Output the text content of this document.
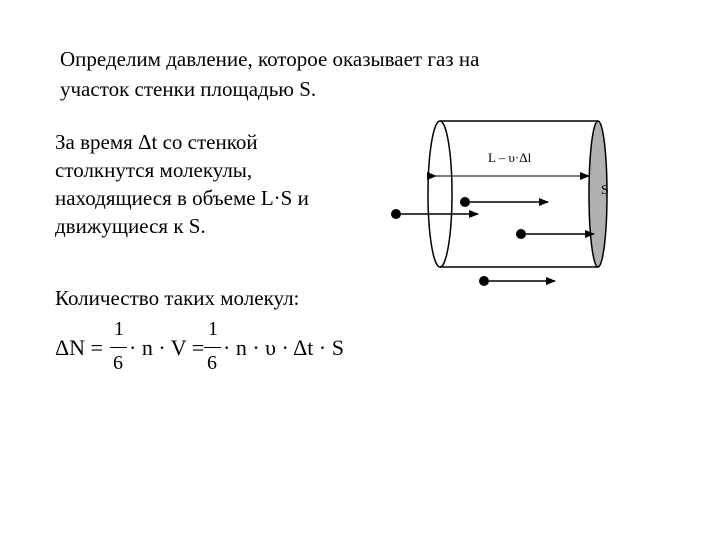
Определим давление, которое оказывает газ на
участок стенки площадью S.
За время Δt со стенкой
столкнутся молекулы,
находящиеся в объеме L·S и
движущиеся к S.
Количество таких молекул:
ΔN =
1
6
· n · V =
1
6
· n · υ · Δt · S
L – υ·Δl
S
